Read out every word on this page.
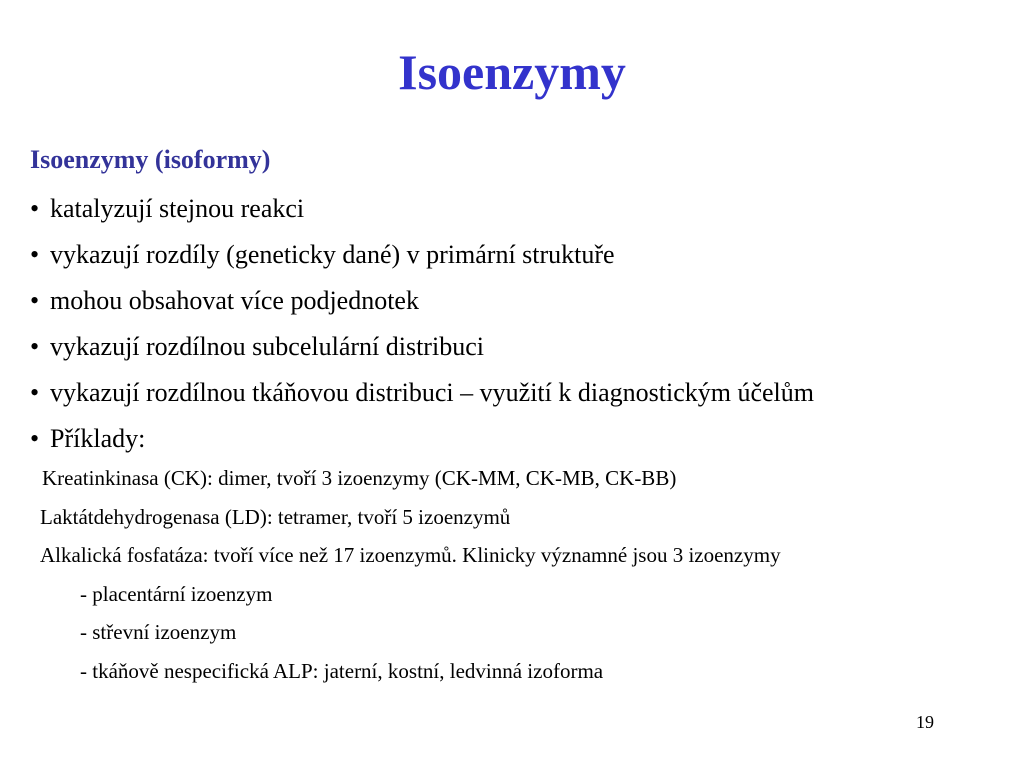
Isoenzymy
Isoenzymy (isoformy)
• katalyzují stejnou reakci
• vykazují rozdíly (geneticky dané) v primární struktuře
• mohou obsahovat více podjednotek
• vykazují rozdílnou subcelulární distribuci
• vykazují rozdílnou tkáňovou distribuci – využití k diagnostickým účelům
• Příklady:
Kreatinkinasa (CK): dimer, tvoří 3 izoenzymy (CK-MM, CK-MB, CK-BB)
Laktátdehydrogenasa (LD): tetramer, tvoří 5 izoenzymů
Alkalická fosfatáza: tvoří více než 17 izoenzymů. Klinicky významné jsou 3 izoenzymy
- placentární izoenzym
- střevní izoenzym
- tkáňově nespecifická ALP: jaterní, kostní, ledvinná izoforma
19
